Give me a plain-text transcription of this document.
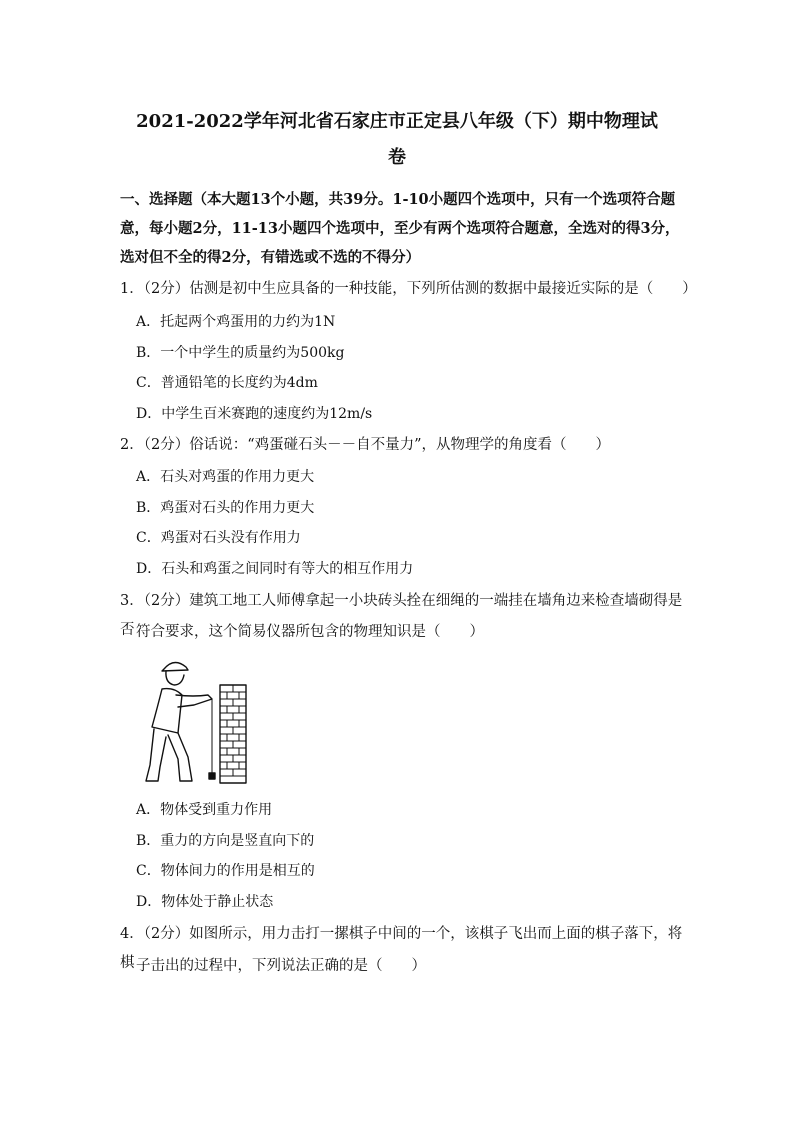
2021-2022学年河北省石家庄市正定县八年级（下）期中物理试
卷
一、选择题（本大题13个小题，共39分。1-10小题四个选项中，只有一个选项符合题意，每小题2分，11-13小题四个选项中，至少有两个选项符合题意，全选对的得3分，选对但不全的得2分，有错选或不选的不得分）
1．（2分）估测是初中生应具备的一种技能，下列所估测的数据中最接近实际的是（　　）
A．托起两个鸡蛋用的力约为1N
B．一个中学生的质量约为500kg
C．普通铅笔的长度约为4dm
D．中学生百米赛跑的速度约为12m/s
2．（2分）俗话说：“鸡蛋碰石头－－自不量力”，从物理学的角度看（　　）
A．石头对鸡蛋的作用力更大
B．鸡蛋对石头的作用力更大
C．鸡蛋对石头没有作用力
D．石头和鸡蛋之间同时有等大的相互作用力
3．（2分）建筑工地工人师傅拿起一小块砖头拴在细绳的一端挂在墙角边来检查墙砌得是否 符合要求，这个简易仪器所包含的物理知识是（　　）
A．物体受到重力作用
B．重力的方向是竖直向下的
C．物体间力的作用是相互的
D．物体处于静止状态
4．（2分）如图所示，用力击打一摞棋子中间的一个，该棋子飞出而上面的棋子落下，将棋 子击出的过程中，下列说法正确的是（　　）
